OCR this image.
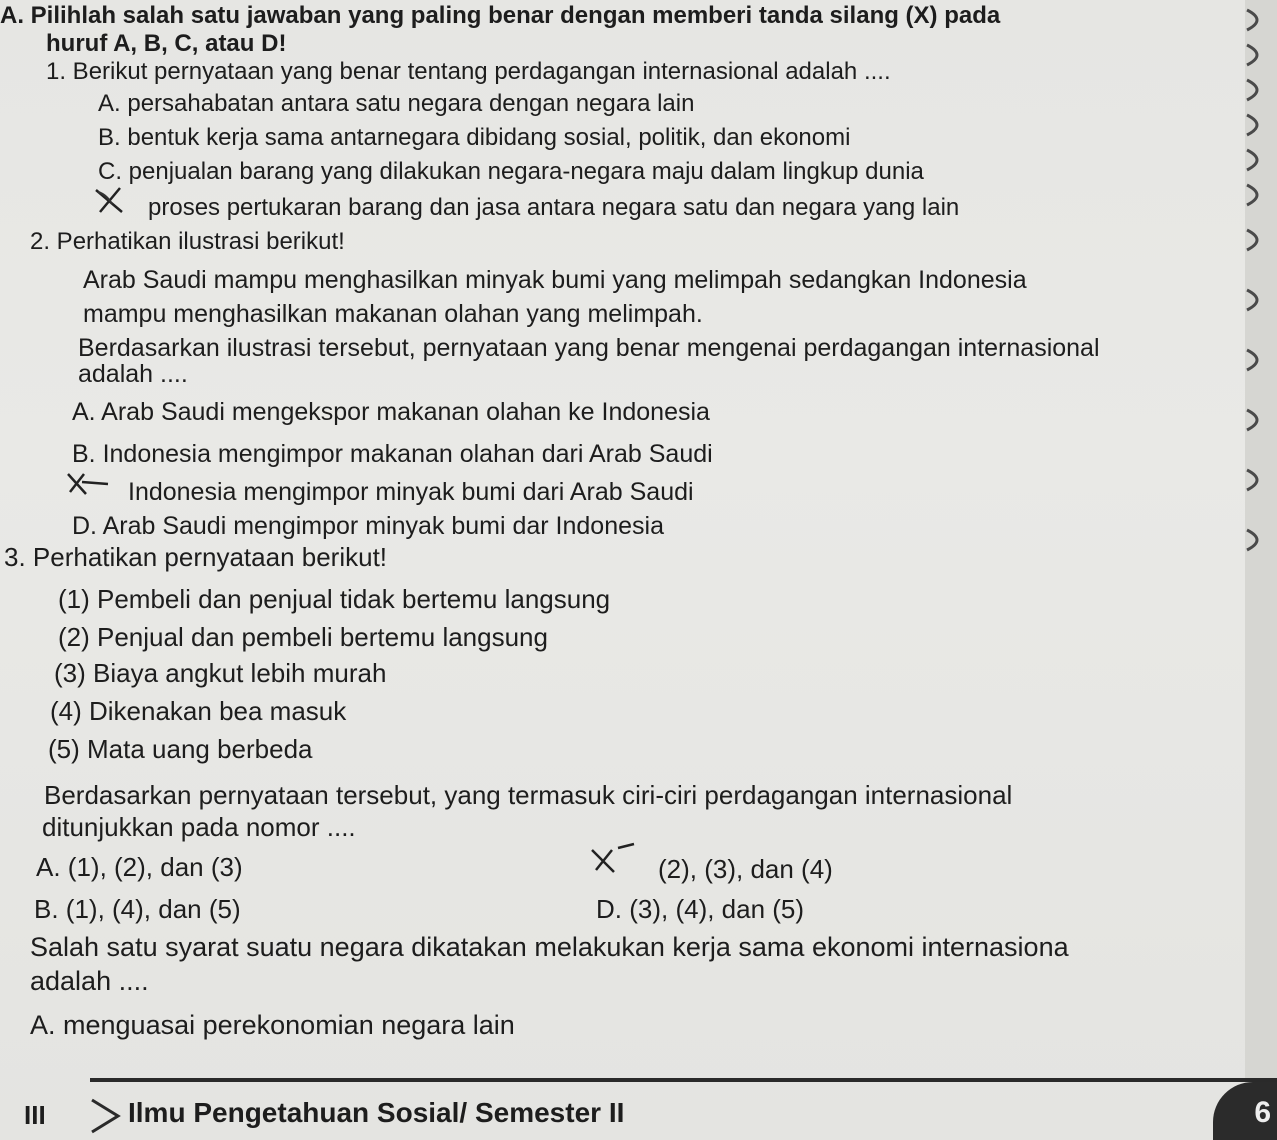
A. Pilihlah salah satu jawaban yang paling benar dengan memberi tanda silang (X) pada
huruf A, B, C, atau D!
1. Berikut pernyataan yang benar tentang perdagangan internasional adalah ....
A. persahabatan antara satu negara dengan negara lain
B. bentuk kerja sama antarnegara dibidang sosial, politik, dan ekonomi
C. penjualan barang yang dilakukan negara-negara maju dalam lingkup dunia
proses pertukaran barang dan jasa antara negara satu dan negara yang lain
2. Perhatikan ilustrasi berikut!
Arab Saudi mampu menghasilkan minyak bumi yang melimpah sedangkan Indonesia
mampu menghasilkan makanan olahan yang melimpah.
Berdasarkan ilustrasi tersebut, pernyataan yang benar mengenai perdagangan internasional
adalah ....
A. Arab Saudi mengekspor makanan olahan ke Indonesia
B. Indonesia mengimpor makanan olahan dari Arab Saudi
Indonesia mengimpor minyak bumi dari Arab Saudi
D. Arab Saudi mengimpor minyak bumi dar Indonesia
3. Perhatikan pernyataan berikut!
(1) Pembeli dan penjual tidak bertemu langsung
(2) Penjual dan pembeli bertemu langsung
(3) Biaya angkut lebih murah
(4) Dikenakan bea masuk
(5) Mata uang berbeda
Berdasarkan pernyataan tersebut, yang termasuk ciri-ciri perdagangan internasional
ditunjukkan pada nomor ....
A. (1), (2), dan (3)
B. (1), (4), dan (5)
(2), (3), dan (4)
D. (3), (4), dan (5)
Salah satu syarat suatu negara dikatakan melakukan kerja sama ekonomi internasiona
adalah ....
A. menguasai perekonomian negara lain
III	Ilmu Pengetahuan Sosial/ Semester II	6
